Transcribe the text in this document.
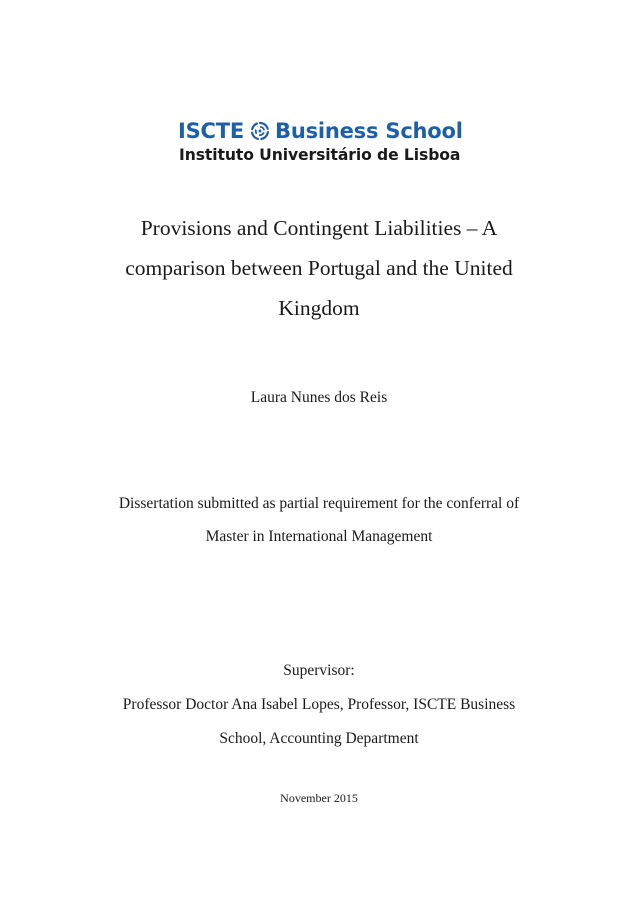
ISCTE Business School
Instituto Universitário de Lisboa
Provisions and Contingent Liabilities – A
comparison between Portugal and the United
Kingdom
Laura Nunes dos Reis
Dissertation submitted as partial requirement for the conferral of
Master in International Management
Supervisor:
Professor Doctor Ana Isabel Lopes, Professor, ISCTE Business
School, Accounting Department
November 2015
